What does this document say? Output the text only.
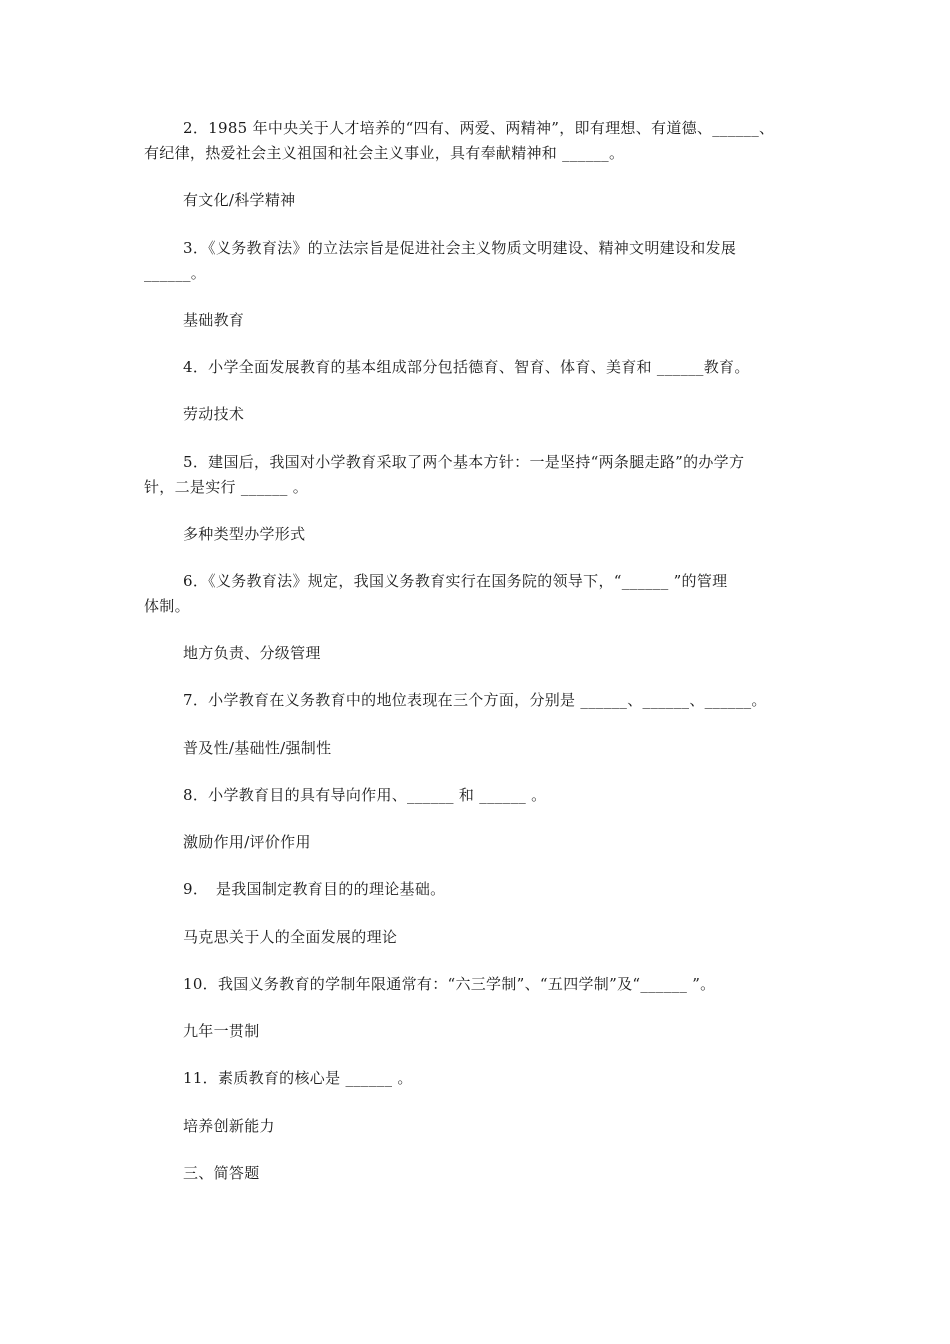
2．1985 年中央关于人才培养的“四有、两爱、两精神”，即有理想、有道德、______、
有纪律，热爱社会主义祖国和社会主义事业，具有奉献精神和 ______。
有文化/科学精神
3．《义务教育法》的立法宗旨是促进社会主义物质文明建设、精神文明建设和发展
______。
基础教育
4．小学全面发展教育的基本组成部分包括德育、智育、体育、美育和 ______教育。
劳动技术
5．建国后，我国对小学教育采取了两个基本方针：一是坚持“两条腿走路”的办学方
针，二是实行 ______ 。
多种类型办学形式
6．《义务教育法》规定，我国义务教育实行在国务院的领导下，“______ ”的管理
体制。
地方负责、分级管理
7．小学教育在义务教育中的地位表现在三个方面，分别是 ______、______、______。
普及性/基础性/强制性
8．小学教育目的具有导向作用、______ 和 ______ 。
激励作用/评价作用
9．　是我国制定教育目的的理论基础。
马克思关于人的全面发展的理论
10．我国义务教育的学制年限通常有：“六三学制”、“五四学制”及“______ ”。
九年一贯制
11．素质教育的核心是 ______ 。
培养创新能力
三、简答题
